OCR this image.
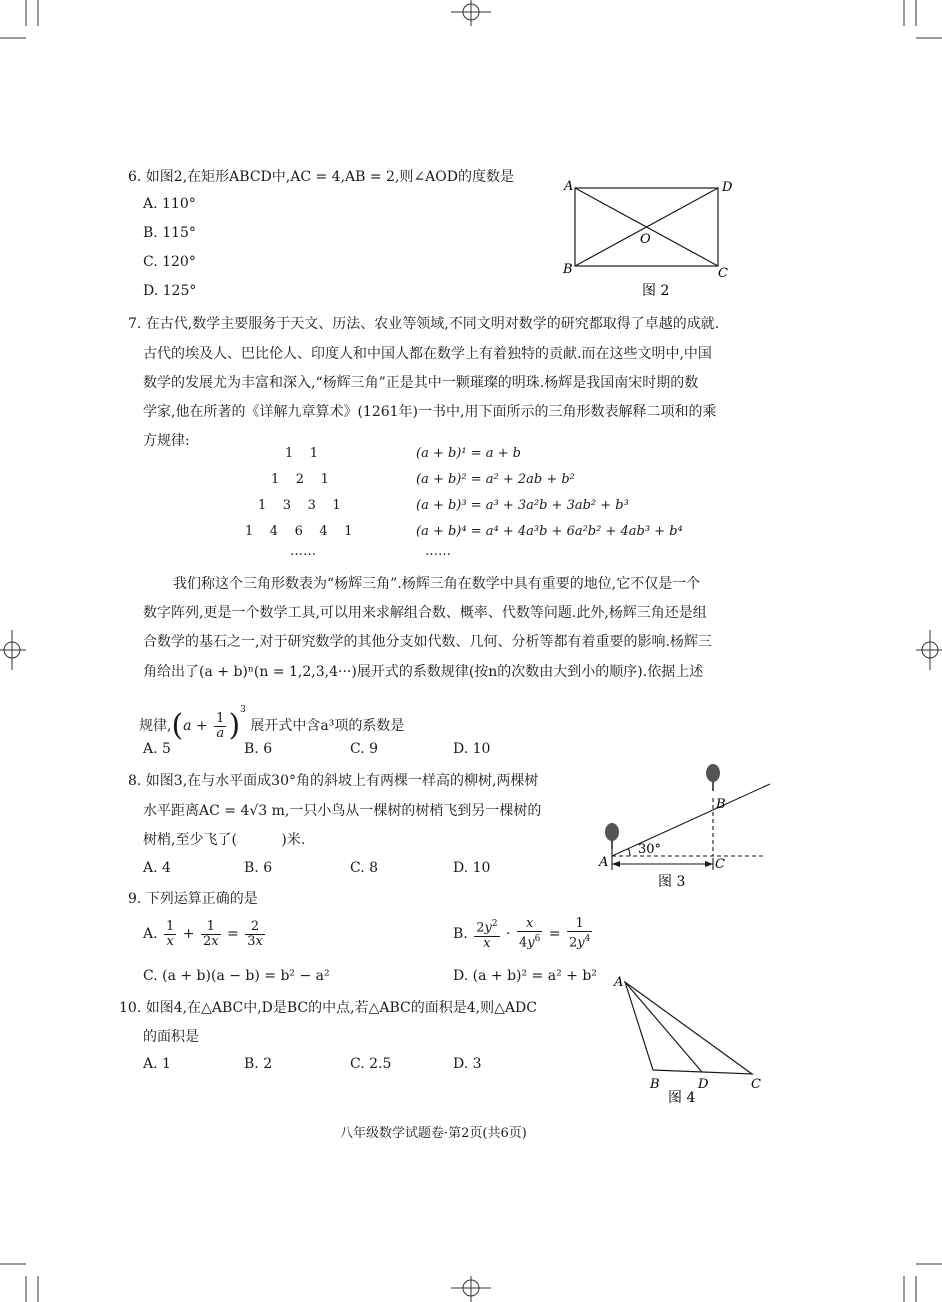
6. 如图2,在矩形ABCD中,AC = 4,AB = 2,则∠AOD的度数是
A. 110°
B. 115°
C. 120°
D. 125°
A
B	C
D
O
图 2
7. 在古代,数学主要服务于天文、历法、农业等领域,不同文明对数学的研究都取得了卓越的成就.
古代的埃及人、巴比伦人、印度人和中国人都在数学上有着独特的贡献.而在这些文明中,中国
数学的发展尤为丰富和深入,“杨辉三角”正是其中一颗璀璨的明珠.杨辉是我国南宋时期的数
学家,他在所著的《详解九章算术》(1261年)一书中,用下面所示的三角形数表解释二项和的乘
方规律:
1    1
1    2    1
1    3    3    1
1    4    6    4    1
……
(a + b)¹ = a + b
(a + b)² = a² + 2ab + b²
(a + b)³ = a³ + 3a²b + 3ab² + b³
(a + b)⁴ = a⁴ + 4a³b + 6a²b² + 4ab³ + b⁴
……
我们称这个三角形数表为“杨辉三角”.杨辉三角在数学中具有重要的地位,它不仅是一个
数字阵列,更是一个数学工具,可以用来求解组合数、概率、代数等问题.此外,杨辉三角还是组
合数学的基石之一,对于研究数学的其他分支如代数、几何、分析等都有着重要的影响.杨辉三
角给出了(a + b)ⁿ(n = 1,2,3,4···)展开式的系数规律(按n的次数由大到小的顺序).依据上述
规律$,(a + \frac{1}{a} )^3$ 展开式中含a³项的系数是
A. 5	B. 6	C. 9	D. 10
8. 如图3,在与水平面成30°角的斜坡上有两棵一样高的柳树,两棵树
水平距离AC = 4√3 m,一只小鸟从一棵树的树梢飞到另一棵树的
树梢,至少飞了(          )米.
A. 4	B. 6	C. 8	D. 10	A
B
C
30°
图 3
9. 下列运算正确的是
A. $\frac{1}{x} + \frac{1}{2x} = \frac{2}{3x}$	B. $\frac{2y^2}{x} \cdot \frac{x}{4y^6} = \frac{1}{2y^4}$
C. (a + b)(a − b) = b² − a²	D. (a + b)² = a² + b²
10. 如图4,在△ABC中,D是BC的中点,若△ABC的面积是4,则△ADC
的面积是
A. 1	B. 2	C. 2.5	D. 3
A
B	D	C
图 4
八年级数学试题卷·第2页(共6页)
